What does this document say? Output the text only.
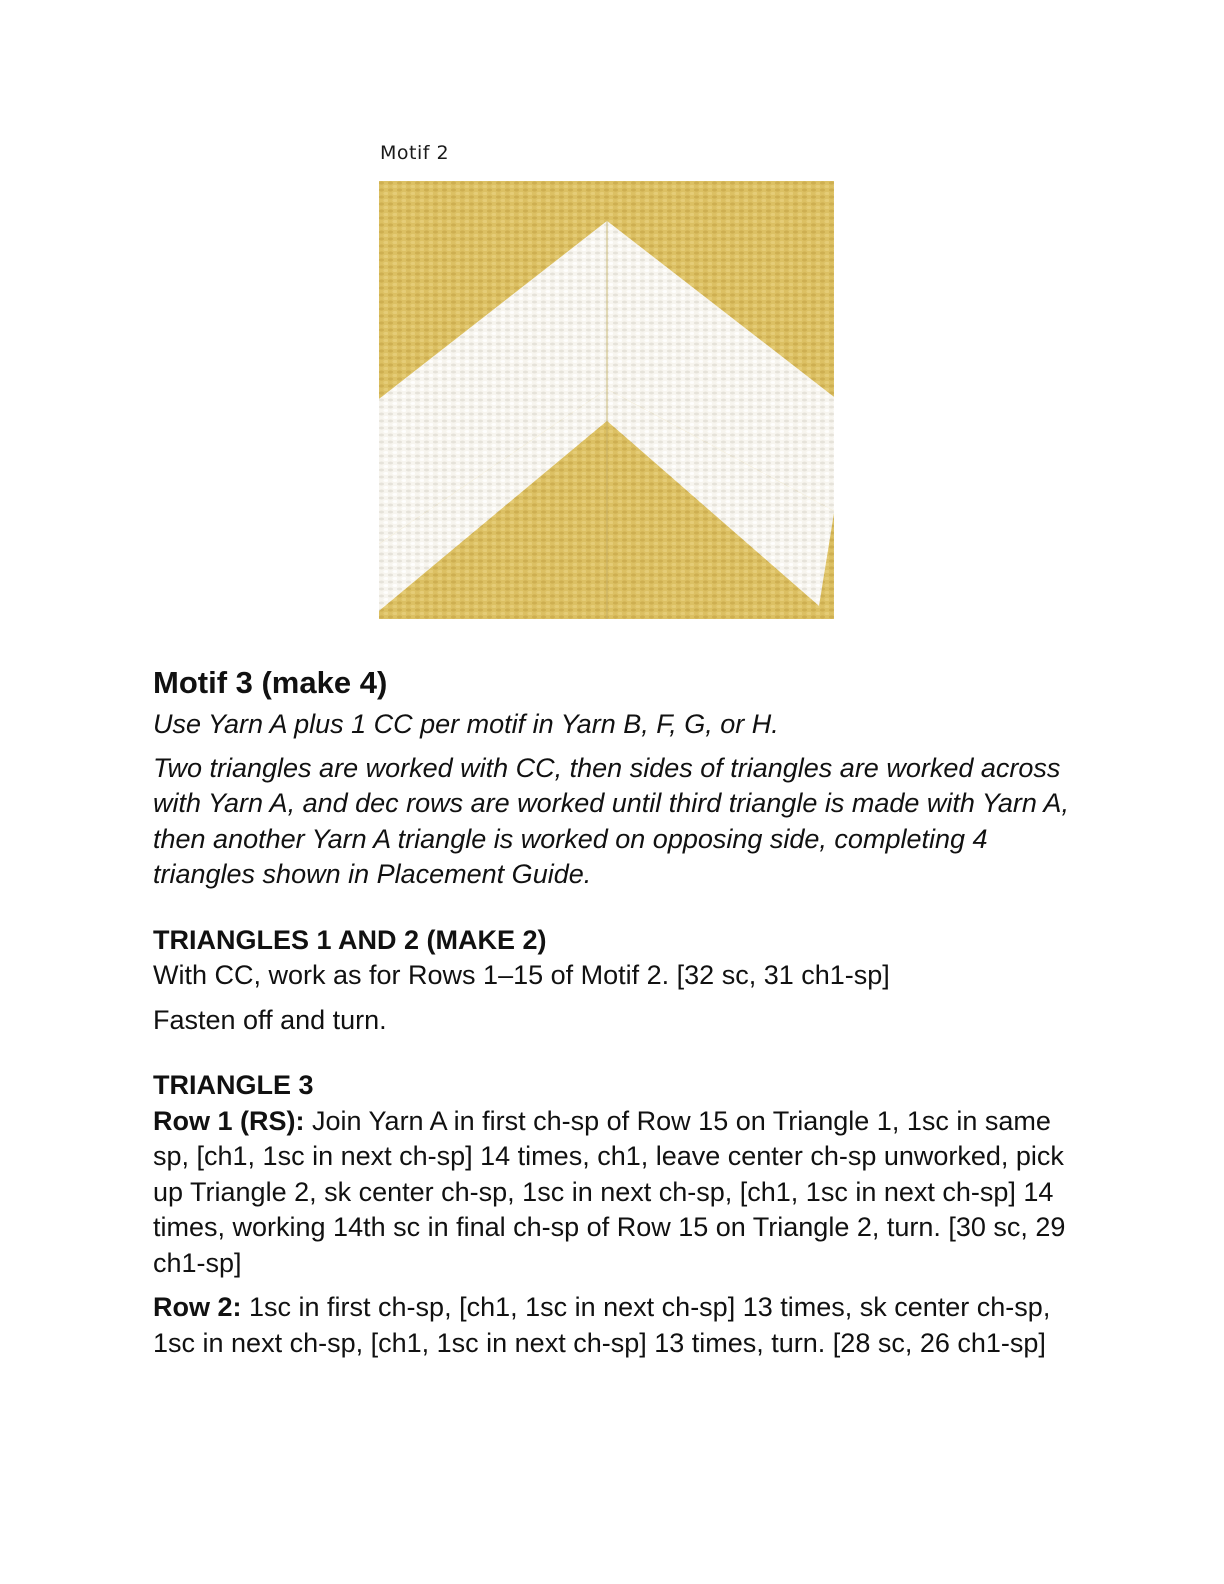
Motif 2
Motif 3 (make 4)

Use Yarn A plus 1 CC per motif in Yarn B, F, G, or H.

Two triangles are worked with CC, then sides of triangles are worked across with Yarn A, and dec rows are worked until third triangle is made with Yarn A, then another Yarn A triangle is worked on opposing side, completing 4 triangles shown in Placement Guide.

TRIANGLES 1 AND 2 (MAKE 2)

With CC, work as for Rows 1–15 of Motif 2. [32 sc, 31 ch1-sp]

Fasten off and turn.

TRIANGLE 3

Row 1 (RS): Join Yarn A in first ch-sp of Row 15 on Triangle 1, 1sc in same sp, [ch1, 1sc in next ch-sp] 14 times, ch1, leave center ch-sp unworked, pick up Triangle 2, sk center ch-sp, 1sc in next ch-sp, [ch1, 1sc in next ch-sp] 14 times, working 14th sc in final ch-sp of Row 15 on Triangle 2, turn. [30 sc, 29 ch1-sp]

Row 2: 1sc in first ch-sp, [ch1, 1sc in next ch-sp] 13 times, sk center ch-sp, 1sc in next ch-sp, [ch1, 1sc in next ch-sp] 13 times, turn. [28 sc, 26 ch1-sp]
